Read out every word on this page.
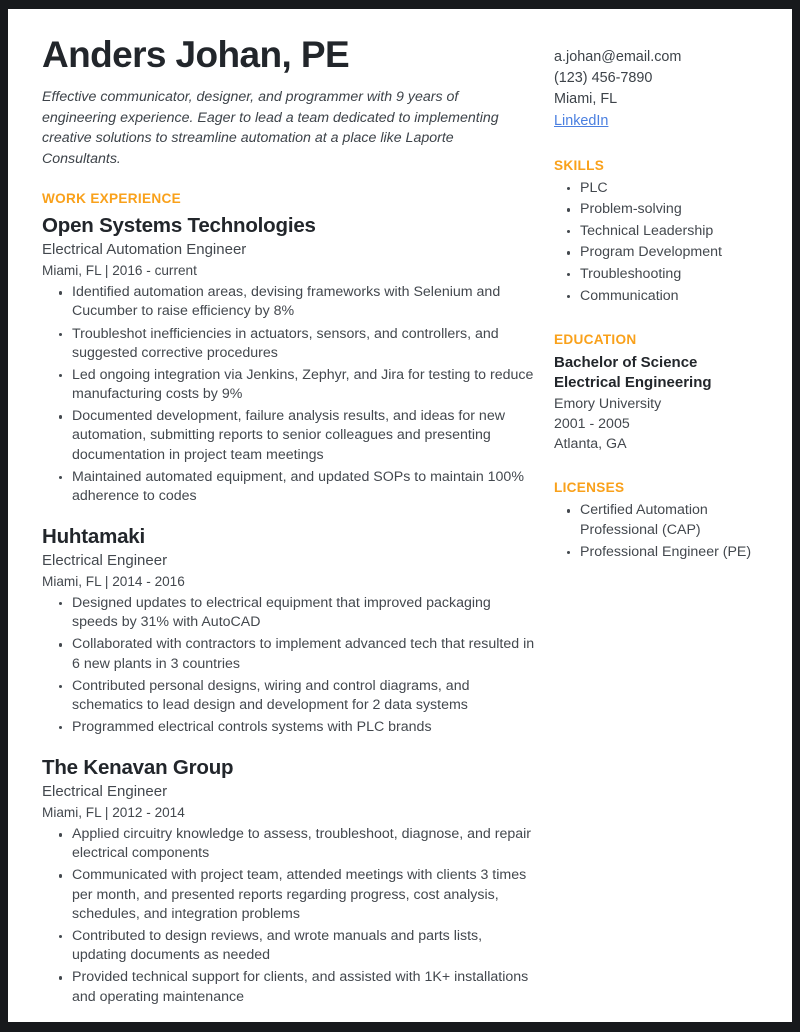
Anders Johan, PE
Effective communicator, designer, and programmer with 9 years of engineering experience. Eager to lead a team dedicated to implementing creative solutions to streamline automation at a place like Laporte Consultants.
WORK EXPERIENCE
Open Systems Technologies
Electrical Automation Engineer
Miami, FL | 2016 - current
Identified automation areas, devising frameworks with Selenium and Cucumber to raise efficiency by 8%
Troubleshot inefficiencies in actuators, sensors, and controllers, and suggested corrective procedures
Led ongoing integration via Jenkins, Zephyr, and Jira for testing to reduce manufacturing costs by 9%
Documented development, failure analysis results, and ideas for new automation, submitting reports to senior colleagues and presenting documentation in project team meetings
Maintained automated equipment, and updated SOPs to maintain 100% adherence to codes
Huhtamaki
Electrical Engineer
Miami, FL | 2014 - 2016
Designed updates to electrical equipment that improved packaging speeds by 31% with AutoCAD
Collaborated with contractors to implement advanced tech that resulted in 6 new plants in 3 countries
Contributed personal designs, wiring and control diagrams, and schematics to lead design and development for 2 data systems
Programmed electrical controls systems with PLC brands
The Kenavan Group
Electrical Engineer
Miami, FL | 2012 - 2014
Applied circuitry knowledge to assess, troubleshoot, diagnose, and repair electrical components
Communicated with project team, attended meetings with clients 3 times per month, and presented reports regarding progress, cost analysis, schedules, and integration problems
Contributed to design reviews, and wrote manuals and parts lists, updating documents as needed
Provided technical support for clients, and assisted with 1K+ installations and operating maintenance
a.johan@email.com
(123) 456-7890
Miami, FL
LinkedIn
SKILLS
PLC
Problem-solving
Technical Leadership
Program Development
Troubleshooting
Communication
EDUCATION
Bachelor of Science
Electrical Engineering
Emory University
2001 - 2005
Atlanta, GA
LICENSES
Certified Automation Professional (CAP)
Professional Engineer (PE)
